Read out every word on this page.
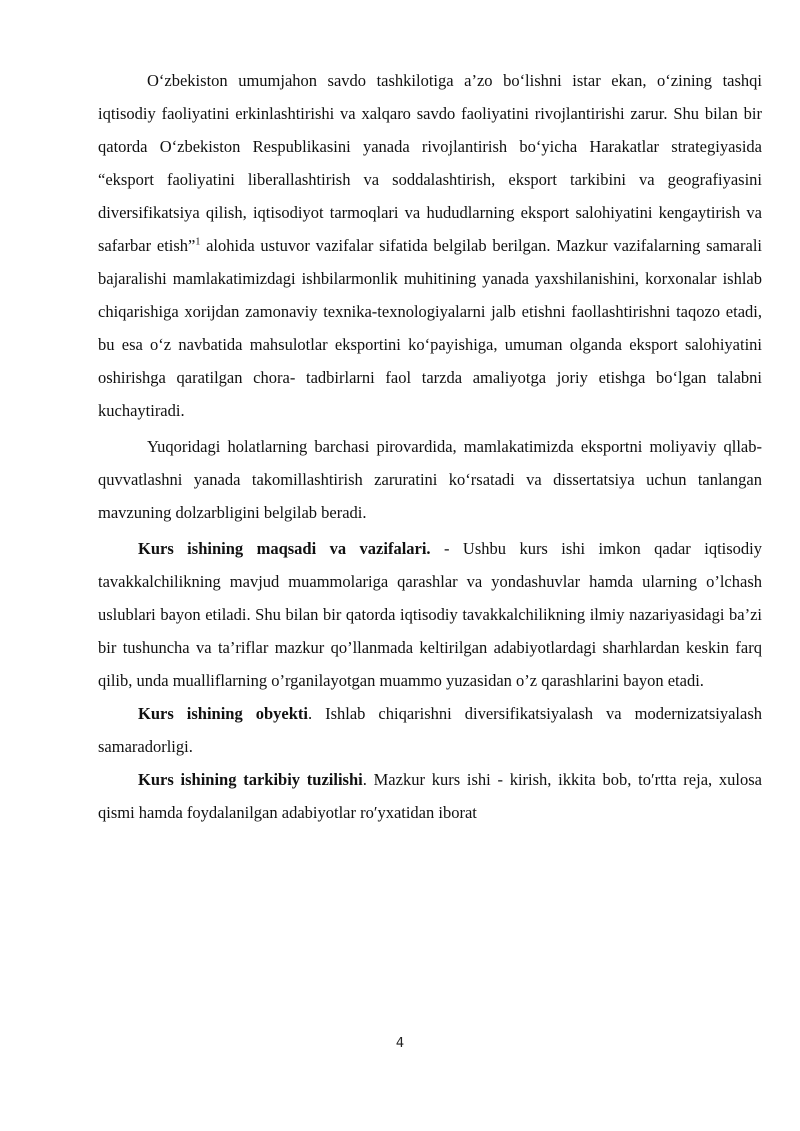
O‘zbekiston umumjahon savdo tashkilotiga a’zo bo‘lishni istar ekan, o‘zining tashqi iqtisodiy faoliyatini erkinlashtirishi va xalqaro savdo faoliyatini rivojlantirishi zarur. Shu bilan bir qatorda O‘zbekiston Respublikasini yanada rivojlantirish bo‘yicha Harakatlar strategiyasida “eksport faoliyatini liberallashtirish va soddalashtirish, eksport tarkibini va geografiyasini diversifikatsiya qilish, iqtisodiyot tarmoqlari va hududlarning eksport salohiyatini kengaytirish va safarbar etish”$^1$ alohida ustuvor vazifalar sifatida belgilab berilgan. Mazkur vazifalarning samarali bajaralishi mamlakatimizdagi ishbilarmonlik muhitining yanada yaxshilanishini, korxonalar ishlab chiqarishiga xorijdan zamonaviy texnika-texnologiyalarni jalb etishni faollashtirishni taqozo etadi, bu esa o‘z navbatida mahsulotlar eksportini ko‘payishiga, umuman olganda eksport salohiyatini oshirishga qaratilgan chora- tadbirlarni faol tarzda amaliyotga joriy etishga bo‘lgan talabni kuchaytiradi.

Yuqoridagi holatlarning barchasi pirovardida, mamlakatimizda eksportni moliyaviy qllab-quvvatlashni yanada takomillashtirish zaruratini ko‘rsatadi va dissertatsiya uchun tanlangan mavzuning dolzarbligini belgilab beradi.

Kurs ishining maqsadi va vazifalari. - Ushbu kurs ishi imkon qadar iqtisodiy tavakkalchilikning mavjud muammolariga qarashlar va yondashuvlar hamda ularning o’lchash uslublari bayon etiladi. Shu bilan bir qatorda iqtisodiy tavakkalchilikning ilmiy nazariyasidagi ba’zi bir tushuncha va ta’riflar mazkur qo’llanmada keltirilgan adabiyotlardagi sharhlardan keskin farq qilib, unda mualliflarning o’rganilayotgan muammo yuzasidan o’z qarashlarini bayon etadi.

Kurs ishining obyekti. Ishlab chiqarishni diversifikatsiyalash va modernizatsiyalash samaradorligi.

Kurs ishining tarkibiy tuzilishi. Mazkur kurs ishi - kirish, ikkita bob, to′rtta reja, xulosa qismi hamda foydalanilgan adabiyotlar ro′yxatidan iborat

4
